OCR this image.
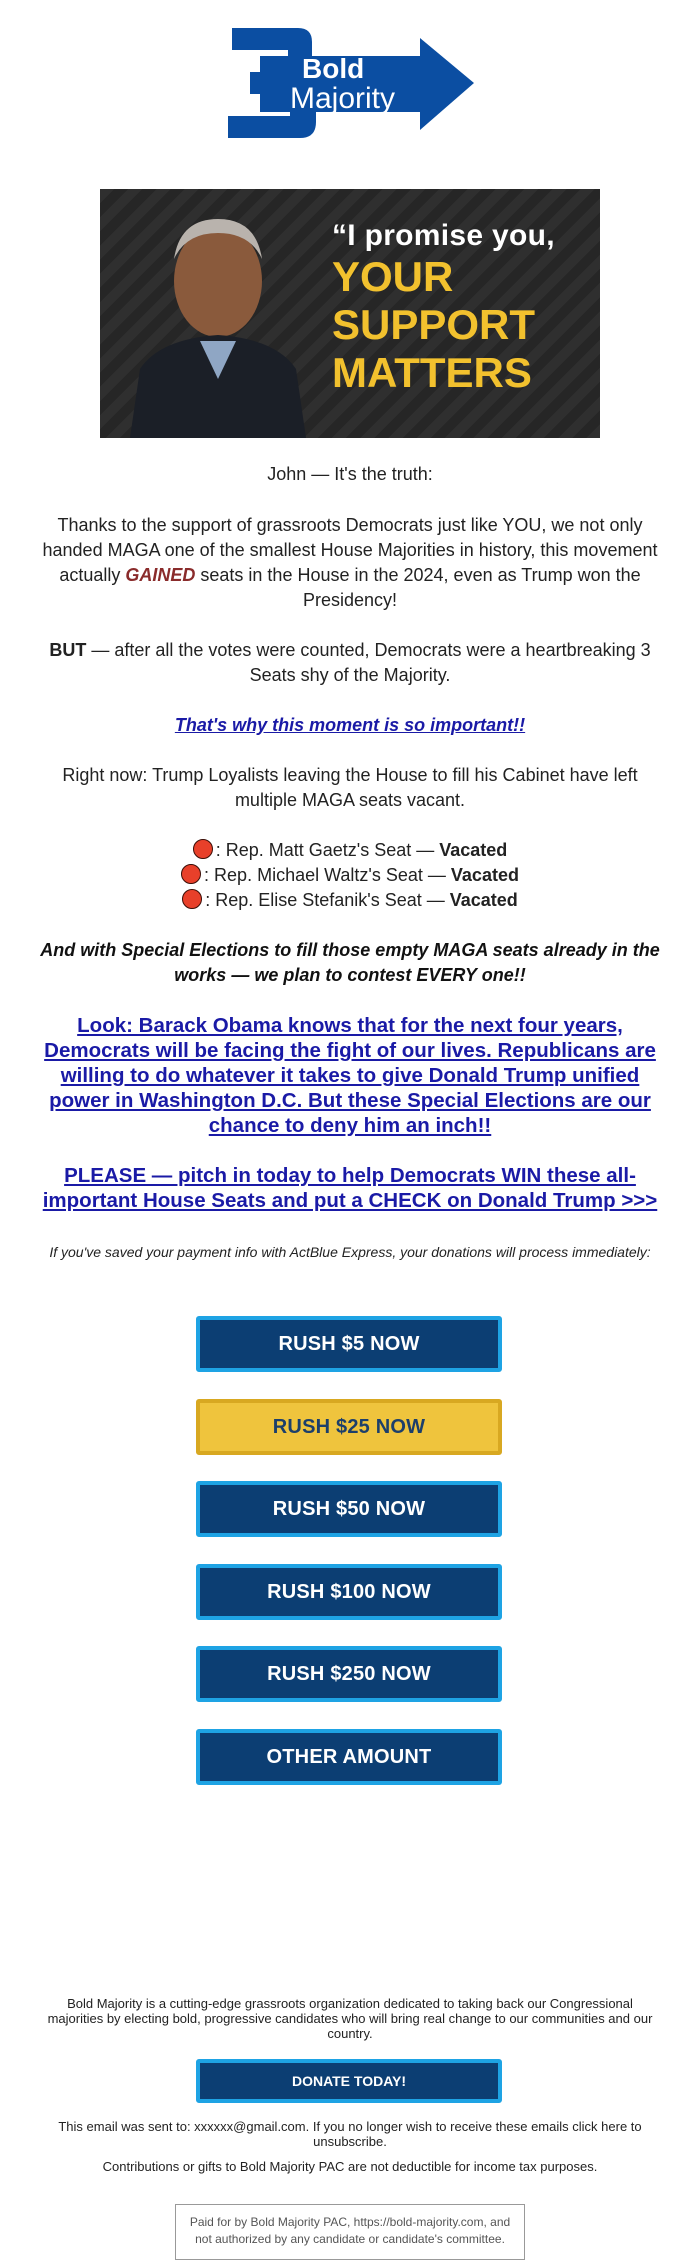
Bold
Majority
“I promise you,
YOUR
SUPPORT
MATTERS
John — It's the truth:
Thanks to the support of grassroots Democrats just like YOU, we not only handed MAGA one of the smallest House Majorities in history, this movement actually GAINED seats in the House in the 2024, even as Trump won the Presidency!
BUT — after all the votes were counted, Democrats were a heartbreaking 3 Seats shy of the Majority.
That's why this moment is so important!!
Right now: Trump Loyalists leaving the House to fill his Cabinet have left multiple MAGA seats vacant.
: Rep. Matt Gaetz's Seat — Vacated
: Rep. Michael Waltz's Seat — Vacated
: Rep. Elise Stefanik's Seat — Vacated
And with Special Elections to fill those empty MAGA seats already in the works — we plan to contest EVERY one!!
Look: Barack Obama knows that for the next four years, Democrats will be facing the fight of our lives. Republicans are willing to do whatever it takes to give Donald Trump unified power in Washington D.C. But these Special Elections are our chance to deny him an inch!!
PLEASE — pitch in today to help Democrats WIN these all-important House Seats and put a CHECK on Donald Trump >>>
If you've saved your payment info with ActBlue Express, your donations will process immediately:
RUSH $5 NOW
RUSH $25 NOW
RUSH $50 NOW
RUSH $100 NOW
RUSH $250 NOW
OTHER AMOUNT
Bold Majority is a cutting-edge grassroots organization dedicated to taking back our Congressional majorities by electing bold, progressive candidates who will bring real change to our communities and our country.
DONATE TODAY!
This email was sent to: xxxxxx@gmail.com. If you no longer wish to receive these emails click here to unsubscribe.
Contributions or gifts to Bold Majority PAC are not deductible for income tax purposes.
Paid for by Bold Majority PAC, https://bold-majority.com, and not authorized by any candidate or candidate's committee.
